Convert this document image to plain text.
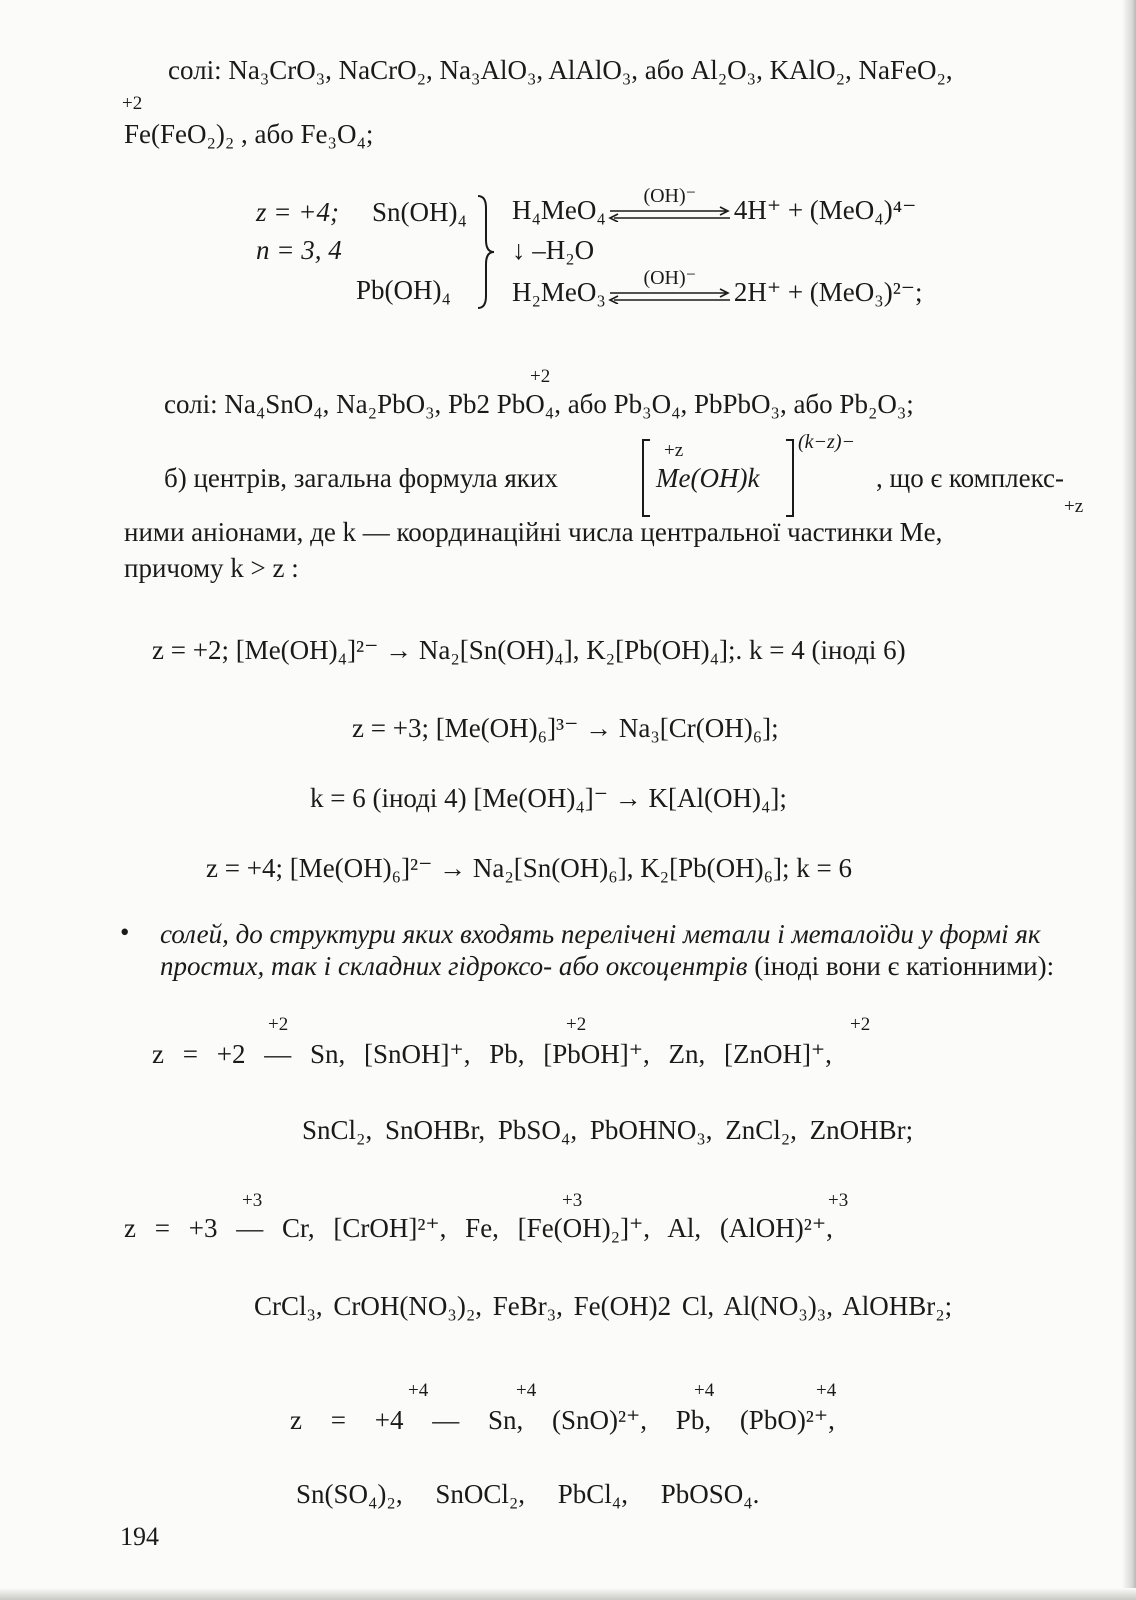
солі: Na₃CrO₃, NaCrO₂, Na₃AlO₃, AlAlO₃, або Al₂O₃, KAlO₂, NaFeO₂,
+2
Fe(FeO₂)₂ , або Fe₃O₄;
z = +4;
n = 3, 4
Sn(OH)₄
Pb(OH)₄
H₄MeO₄	(OH)⁻	4H⁺ + (MeO₄)⁴⁻
↓ –H₂O
H₂MeO₃	(OH)⁻	2H⁺ + (MeO₃)²⁻;
+2
солі: Na₄SnO₄, Na₂PbO₃, Pb2 PbO₄, або Pb₃O₄, PbPbO₃, або Pb₂O₃;
б) центрів, загальна формула яких
+z
Me(OH)k
(k−z)−
, що є комплекс-
+z
ними аніонами, де k — координаційні числа центральної частинки Me,
причому k > z :
z = +2; [Me(OH)₄]²⁻ → Na₂[Sn(OH)₄], K₂[Pb(OH)₄];. k = 4 (іноді 6)
z = +3; [Me(OH)₆]³⁻ → Na₃[Cr(OH)₆];
k = 6 (іноді 4) [Me(OH)₄]⁻ → K[Al(OH)₄];
z = +4; [Me(OH)₆]²⁻ → Na₂[Sn(OH)₆], K₂[Pb(OH)₆]; k = 6
• солей, до структури яких входять перелічені метали і металоїди у формі як простих, так і складних гідроксо- або оксоцентрів (іноді вони є катіонними):
+2	+2	+2
z = +2 — Sn, [SnOH]⁺, Pb, [PbOH]⁺, Zn, [ZnOH]⁺,
SnCl₂, SnOHBr, PbSO₄, PbOHNO₃, ZnCl₂, ZnOHBr;
+3	+3	+3
z = +3 — Cr, [CrOH]²⁺, Fe, [Fe(OH)₂]⁺, Al, (AlOH)²⁺,
CrCl₃, CrOH(NO₃)₂, FeBr₃, Fe(OH)2 Cl, Al(NO₃)₃, AlOHBr₂;
+4	+4	+4	+4
z = +4 — Sn, (SnO)²⁺, Pb, (PbO)²⁺,
Sn(SO₄)₂, SnOCl₂, PbCl₄, PbOSO₄.
194
